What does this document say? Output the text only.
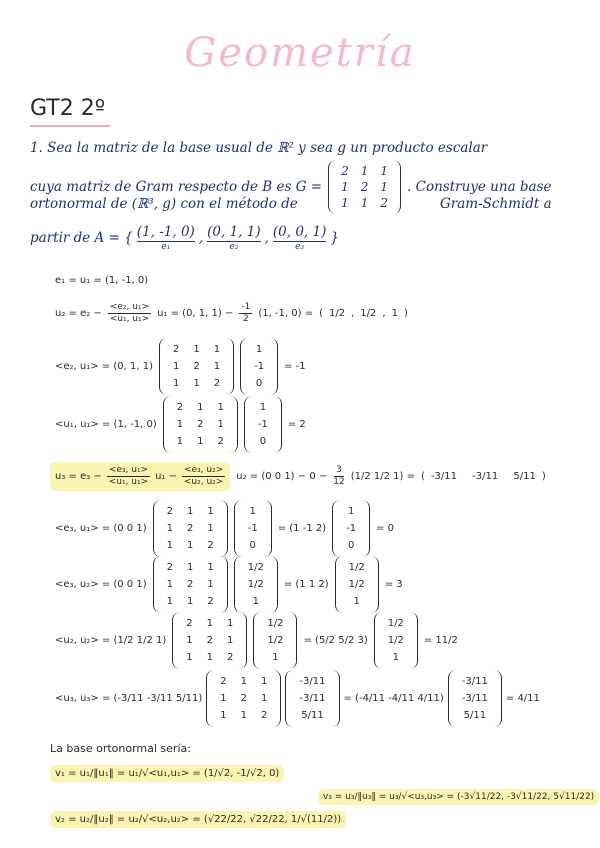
Geometría
GT2 2º
1. Sea la matriz de la base usual de ℝ² y sea g un producto escalar
cuya matriz de Gram respecto de B es G =
2	1	1
1	2	1
1	1	2
. Construye una base
ortonormal de (ℝ³, g) con el método de	Gram-Schmidt a
partir de A = { (1, -1, 0)
e₁
, (0, 1, 1)
e₂
, (0, 0, 1)
e₃
}
e₁ = u₁ = (1, -1, 0)
$u_2 = e_2 - \frac{\text{<e₂, u₁>}}{\text{<u₁, u₁>}} u_1 = (0$, 1, $1) - \frac{-1}{2} (1$, -1, 0) = ( 1/2 , 1/2 , 1 )
<e₂, u₁> = (0, 1, 1)
2	1	1
1	2	1
1	1	2
1
-1
0
= -1
<u₁, u₁> = (1, -1, 0)
2	1	1
1	2	1
1	1	2
1
-1
0
= 2
$u_3 = e_3 - \frac{\text{<e₃, u₁>}}{\text{<u₁, u₁>}} u_1 - \frac{\text{<e₃, u₂>}}{\text{<u₂, u₂>}} u_2 = (0$ 0 $1) - 0 - \frac{3}{12} (1/2$ 1/2 1) = ( -3/11
-3/11
5/11 )
<e₃, u₁> = (0 0 1)
2	1	1
1	2	1
1	1	2
1
-1
0
= (1 -1 2)
1
-1
0
= 0
<e₃, u₂> = (0 0 1)
2	1	1
1	2	1
1	1	2
1/2
1/2
1
= (1 1 2)
1/2
1/2
1
= 3
<u₂, u₂> = (1/2 1/2 1)
2	1	1
1	2	1
1	1	2
1/2
1/2
1
= (5/2 5/2 3)
1/2
1/2
1
= 11/2
<u₃, u₃> = (-3/11 -3/11 5/11)
2	1	1
1	2	1
1	1	2
-3/11
-3/11
5/11
= (-4/11 -4/11 4/11)
-3/11
-3/11
5/11
= 4/11
La base ortonormal sería:
v₁ = u₁/‖u₁‖ = u₁/√<u₁,u₁> = (1/√2, -1/√2, 0)
v₂ = u₂/‖u₂‖ = u₂/√<u₂,u₂> = (√22/22, √22/22, 1/√(11/2))
v₃ = u₃/‖u₃‖ = u₃/√<u₃,u₃> = (-3√11/22, -3√11/22, 5√11/22)
